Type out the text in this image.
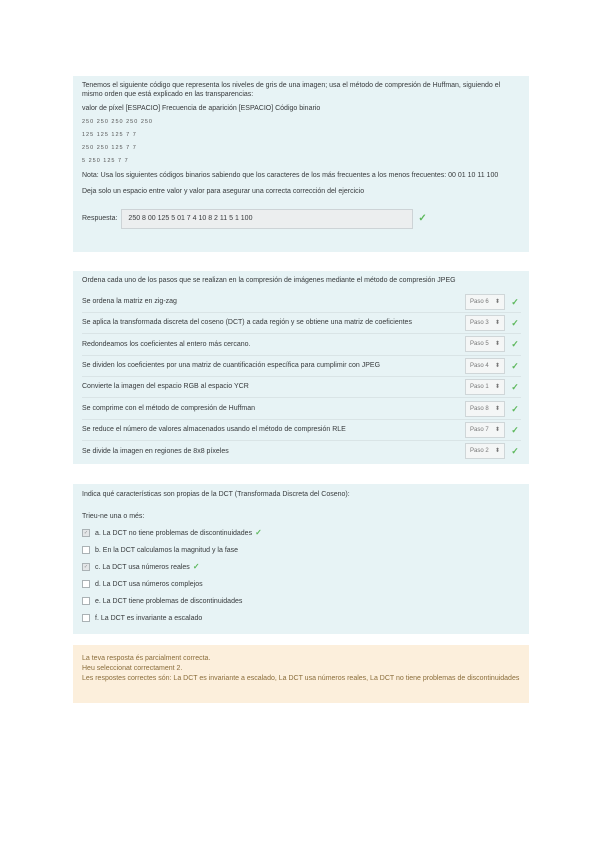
Tenemos el siguiente código que representa los niveles de gris de una imagen; usa el método de compresión de Huffman, siguiendo el mismo orden que está explicado en las transparencias:

valor de píxel [ESPACIO] Frecuencia de aparición [ESPACIO] Código binario

250 250 250 250 250
125 125 125 7 7
250 250 125 7 7
5 250 125 7 7

Nota: Usa los siguientes códigos binarios sabiendo que los caracteres de los más frecuentes a los menos frecuentes: 00 01 10 11 100

Deja solo un espacio entre valor y valor para asegurar una correcta corrección del ejercicio

Respuesta:	250 8 00 125 5 01 7 4 10 8 2 11 5 1 100	✓

Ordena cada uno de los pasos que se realizan en la compresión de imágenes mediante el método de compresión JPEG

Se ordena la matriz en zig-zag	Paso 6 ⬍ ✓
Se aplica la transformada discreta del coseno (DCT) a cada región y se obtiene una matriz de coeficientes	Paso 3 ⬍ ✓
Redondeamos los coeficientes al entero más cercano.	Paso 5 ⬍ ✓
Se dividen los coeficientes por una matriz de cuantificación específica para cumplimir con JPEG	Paso 4 ⬍ ✓
Convierte la imagen del espacio RGB al espacio YCR	Paso 1 ⬍ ✓
Se comprime con el método de compresión de Huffman	Paso 8 ⬍ ✓
Se reduce el número de valores almacenados usando el método de compresión RLE	Paso 7 ⬍ ✓
Se divide la imagen en regiones de 8x8 píxeles	Paso 2 ⬍ ✓

Indica qué características son propias de la DCT (Transformada Discreta del Coseno):

Trieu-ne una o més:
✓ a. La DCT no tiene problemas de discontinuidades ✓
b. En la DCT calculamos la magnitud y la fase
✓ c. La DCT usa números reales ✓
d. La DCT usa números complejos
e. La DCT tiene problemas de discontinuidades
f. La DCT es invariante a escalado

La teva resposta és parcialment correcta.

Heu seleccionat correctament 2.

Les respostes correctes són: La DCT es invariante a escalado, La DCT usa números reales, La DCT no tiene problemas de discontinuidades
